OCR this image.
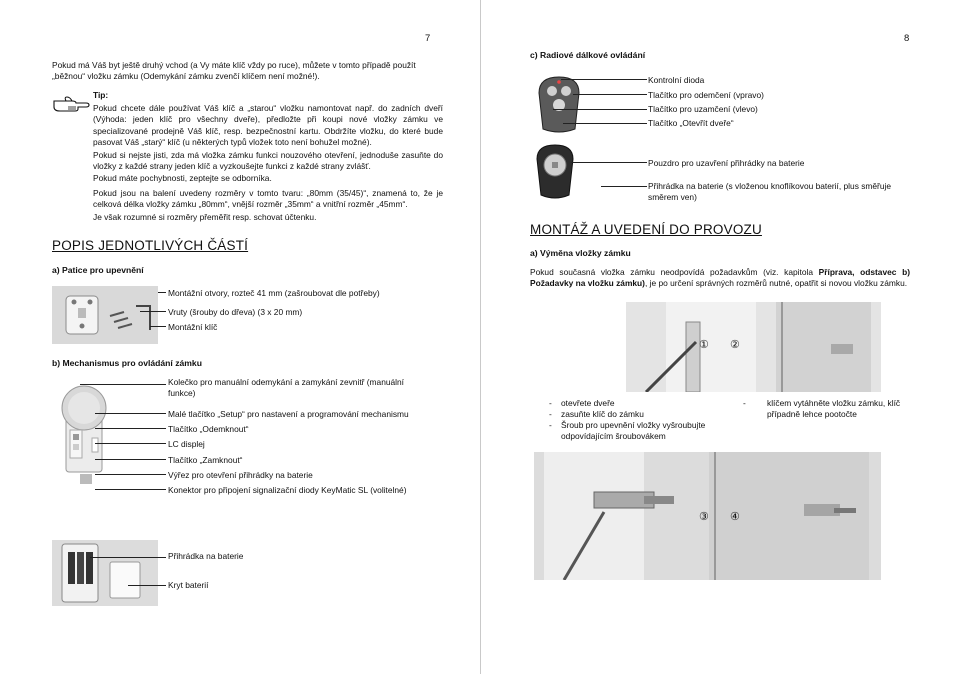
7
Pokud má Váš byt ještě druhý vchod (a Vy máte klíč vždy po ruce), můžete v tomto případě použít „běžnou“ vložku zámku (Odemykání zámku zvenčí klíčem není možné!).
Tip:
Pokud chcete dále používat Váš klíč a „starou“ vložku namontovat např. do zadních dveří (Výhoda: jeden klíč pro všechny dveře), předložte při koupi nové vložky zámku ve specializované prodejně Váš klíč, resp. bezpečnostní kartu. Obdržíte vložku, do které bude pasovat Váš „starý“ klíč (u některých typů vložek toto není bohužel možné).
Pokud si nejste jisti, zda má vložka zámku funkci nouzového otevření, jednoduše zasuňte do vložky z každé strany jeden klíč a vyzkoušejte funkci z každé strany zvlášť.
Pokud máte pochybnosti, zeptejte se odborníka.
Pokud jsou na balení uvedeny rozměry v tomto tvaru: „80mm (35/45)“, znamená to, že je celková délka vložky zámku „80mm“, vnější rozměr „35mm“ a vnitřní rozměr „45mm“.
Je však rozumné si rozměry přeměřit resp. schovat účtenku.
POPIS JEDNOTLIVÝCH ČÁSTÍ
a) Patice pro upevnění
Montážní otvory, rozteč 41 mm (zašroubovat dle potřeby)
Vruty (šrouby do dřeva) (3 x 20 mm)
Montážní klíč
b) Mechanismus pro ovládání zámku
Kolečko pro manuální odemykání a zamykání zevnitř (manuální funkce)
Malé tlačítko „Setup“ pro nastavení a programování mechanismu
Tlačítko „Odemknout“
LC displej
Tlačítko „Zamknout“
Výřez pro otevření přihrádky na baterie
Konektor pro připojení signalizační diody KeyMatic SL (volitelné)
Přihrádka na baterie
Kryt baterií
8
c) Radiové dálkové ovládání
Kontrolní dioda
Tlačítko pro odemčení (vpravo)
Tlačítko pro uzamčení (vlevo)
Tlačítko „Otevřít dveře“
Pouzdro pro uzavření přihrádky na baterie
Přihrádka na baterie (s vloženou knoflíkovou baterií, plus směřuje směrem ven)
MONTÁŽ A UVEDENÍ DO PROVOZU
a) Výměna vložky zámku
Pokud současná vložka zámku neodpovídá požadavkům (viz. kapitola Příprava, odstavec b) Požadavky na vložku zámku), je po určení správných rozměrů nutné, opatřit si novou vložku zámku.
① ②
- otevřete dveře
- zasuňte klíč do zámku
- Šroub pro upevnění vložky vyšroubujte odpovídajícím šroubovákem
-	klíčem vytáhněte vložku zámku, klíč případně lehce pootočte
③ ④
